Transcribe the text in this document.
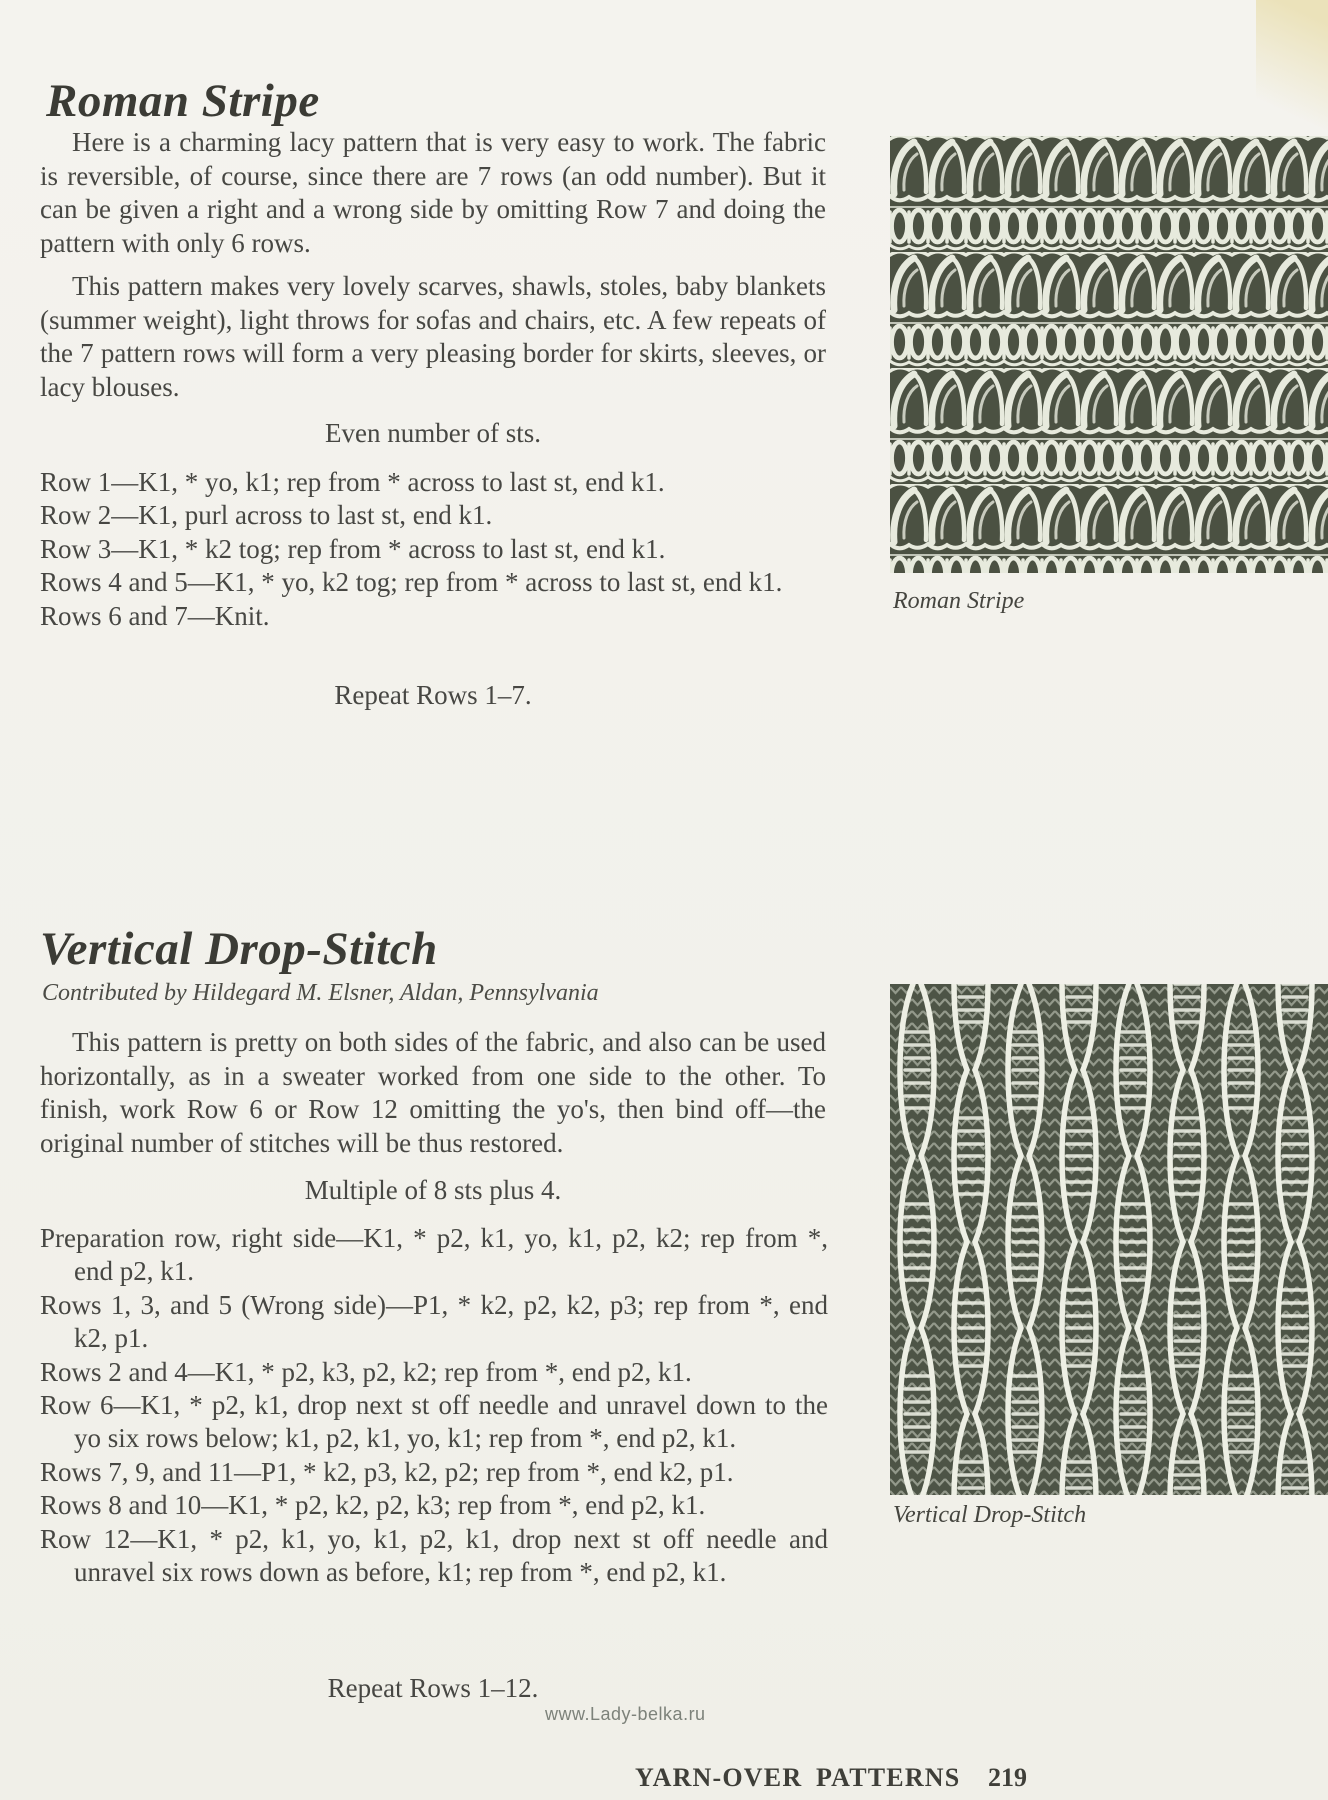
Roman Stripe

Here is a charming lacy pattern that is very easy to work. The fabric is reversible, of course, since there are 7 rows (an odd number). But it can be given a right and a wrong side by omitting Row 7 and doing the pattern with only 6 rows.

This pattern makes very lovely scarves, shawls, stoles, baby blankets (summer weight), light throws for sofas and chairs, etc. A few repeats of the 7 pattern rows will form a very pleasing border for skirts, sleeves, or lacy blouses.

Even number of sts.

Row 1—K1, * yo, k1; rep from * across to last st, end k1.

Row 2—K1, purl across to last st, end k1.

Row 3—K1, * k2 tog; rep from * across to last st, end k1.

Rows 4 and 5—K1, * yo, k2 tog; rep from * across to last st, end k1.

Rows 6 and 7—Knit.

Repeat Rows 1–7.
Roman Stripe
Vertical Drop-Stitch
Contributed by Hildegard M. Elsner, Aldan, Pennsylvania

This pattern is pretty on both sides of the fabric, and also can be used horizontally, as in a sweater worked from one side to the other. To finish, work Row 6 or Row 12 omitting the yo's, then bind off—the original number of stitches will be thus restored.

Multiple of 8 sts plus 4.

Preparation row, right side—K1, * p2, k1, yo, k1, p2, k2; rep from *, end p2, k1.

Rows 1, 3, and 5 (Wrong side)—P1, * k2, p2, k2, p3; rep from *, end k2, p1.

Rows 2 and 4—K1, * p2, k3, p2, k2; rep from *, end p2, k1.

Row 6—K1, * p2, k1, drop next st off needle and unravel down to the yo six rows below; k1, p2, k1, yo, k1; rep from *, end p2, k1.

Rows 7, 9, and 11—P1, * k2, p3, k2, p2; rep from *, end k2, p1.

Rows 8 and 10—K1, * p2, k2, p2, k3; rep from *, end p2, k1.

Row 12—K1, * p2, k1, yo, k1, p2, k1, drop next st off needle and unravel six rows down as before, k1; rep from *, end p2, k1.

Repeat Rows 1–12.
Vertical Drop-Stitch
www.Lady-belka.ru
YARN-OVER PATTERNS 219
